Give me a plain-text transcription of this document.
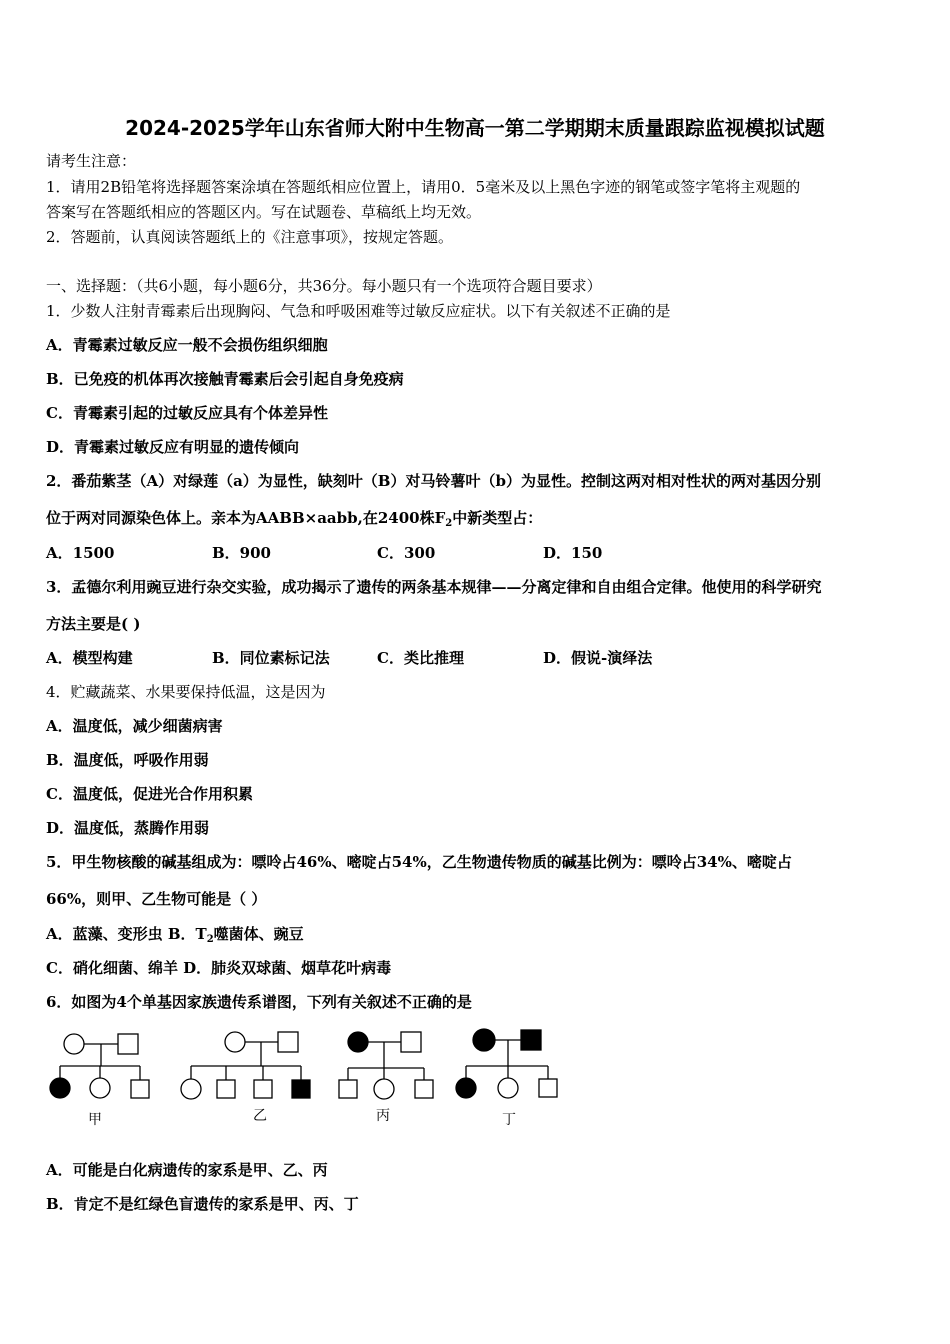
2024-2025学年山东省师大附中生物高一第二学期期末质量跟踪监视模拟试题
请考生注意：
1．请用2B铅笔将选择题答案涂填在答题纸相应位置上，请用0．5毫米及以上黑色字迹的钢笔或签字笔将主观题的
答案写在答题纸相应的答题区内。写在试题卷、草稿纸上均无效。
2．答题前，认真阅读答题纸上的《注意事项》，按规定答题。
一、选择题：（共6小题，每小题6分，共36分。每小题只有一个选项符合题目要求）
1．少数人注射青霉素后出现胸闷、气急和呼吸困难等过敏反应症状。以下有关叙述不正确的是
A．青霉素过敏反应一般不会损伤组织细胞
B．已免疫的机体再次接触青霉素后会引起自身免疫病
C．青霉素引起的过敏反应具有个体差异性
D．青霉素过敏反应有明显的遗传倾向
2．番茄紫茎（A）对绿莲（a）为显性，缺刻叶（B）对马铃薯叶（b）为显性。控制这两对相对性状的两对基因分别
位于两对同源染色体上。亲本为AABB×aabb,在2400株$F_2$中新类型占：
A．1500	B．900	C．300	D．150
3．孟德尔利用豌豆进行杂交实验，成功揭示了遗传的两条基本规律——分离定律和自由组合定律。他使用的科学研究
方法主要是( )
A．模型构建	B．同位素标记法	C．类比推理	D．假说-演绎法
4．贮藏蔬菜、水果要保持低温，这是因为
A．温度低，减少细菌病害
B．温度低，呼吸作用弱
C．温度低，促进光合作用积累
D．温度低，蒸腾作用弱
5．甲生物核酸的碱基组成为：嘌呤占46%、嘧啶占54%，乙生物遗传物质的碱基比例为：嘌呤占34%、嘧啶占
66%，则甲、乙生物可能是（ ）
A．蓝藻、变形虫 B．$T_2$噬菌体、豌豆
C．硝化细菌、绵羊 D．肺炎双球菌、烟草花叶病毒
6．如图为4个单基因家族遗传系谱图，下列有关叙述不正确的是
甲	乙	丙	丁
A．可能是白化病遗传的家系是甲、乙、丙
B．肯定不是红绿色盲遗传的家系是甲、丙、丁
